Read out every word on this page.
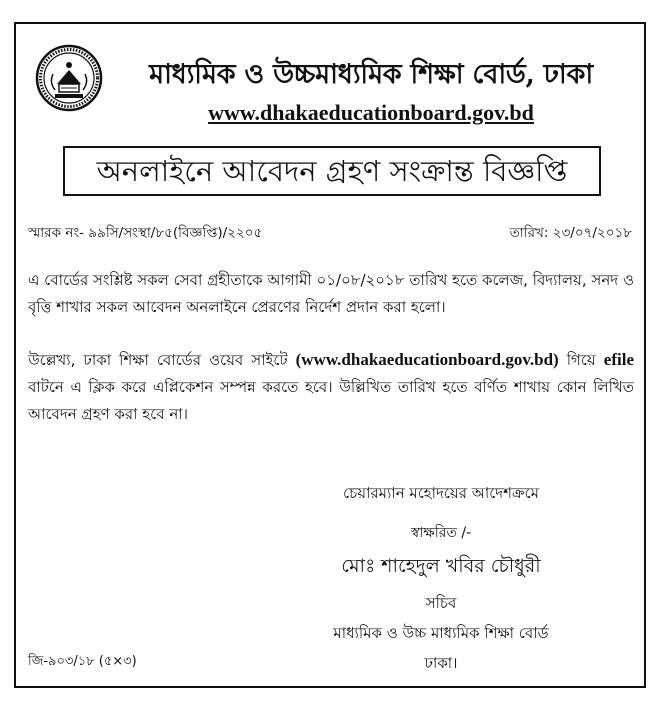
মাধ্যমিক ও উচ্চমাধ্যমিক শিক্ষা বোর্ড, ঢাকা
www.dhakaeducationboard.gov.bd
অনলাইনে আবেদন গ্রহণ সংক্রান্ত বিজ্ঞপ্তি
স্মারক নং- ৯৯সি/সংস্থা/৮৫(বিজ্ঞপ্তি)/২২০৫	তারিখ: ২৩/০৭/২০১৮
এ বোর্ডের সংশ্লিষ্ট সকল সেবা গ্রহীতাকে আগামী ০১/০৮/২০১৮ তারিখ হতে কলেজ, বিদ্যালয়, সনদ ও বৃত্তি শাখার সকল আবেদন অনলাইনে প্রেরণের নির্দেশ প্রদান করা হলো।
উল্লেখ্য, ঢাকা শিক্ষা বোর্ডের ওয়েব সাইটে (www.dhakaeducationboard.gov.bd) গিয়ে efile বাটনে এ ক্লিক করে এপ্লিকেশন সম্পন্ন করতে হবে। উল্লিখিত তারিখ হতে বর্ণিত শাখায় কোন লিখিত আবেদন গ্রহণ করা হবে না।
চেয়ারম্যান মহোদয়ের আদেশক্রমে
স্বাক্ষরিত /-
মোঃ শাহেদুল খবির চৌধুরী
সচিব
মাধ্যমিক ও উচ্চ মাধ্যমিক শিক্ষা বোর্ড
ঢাকা।
জি-৯০৩/১৮ (৫×৩)
